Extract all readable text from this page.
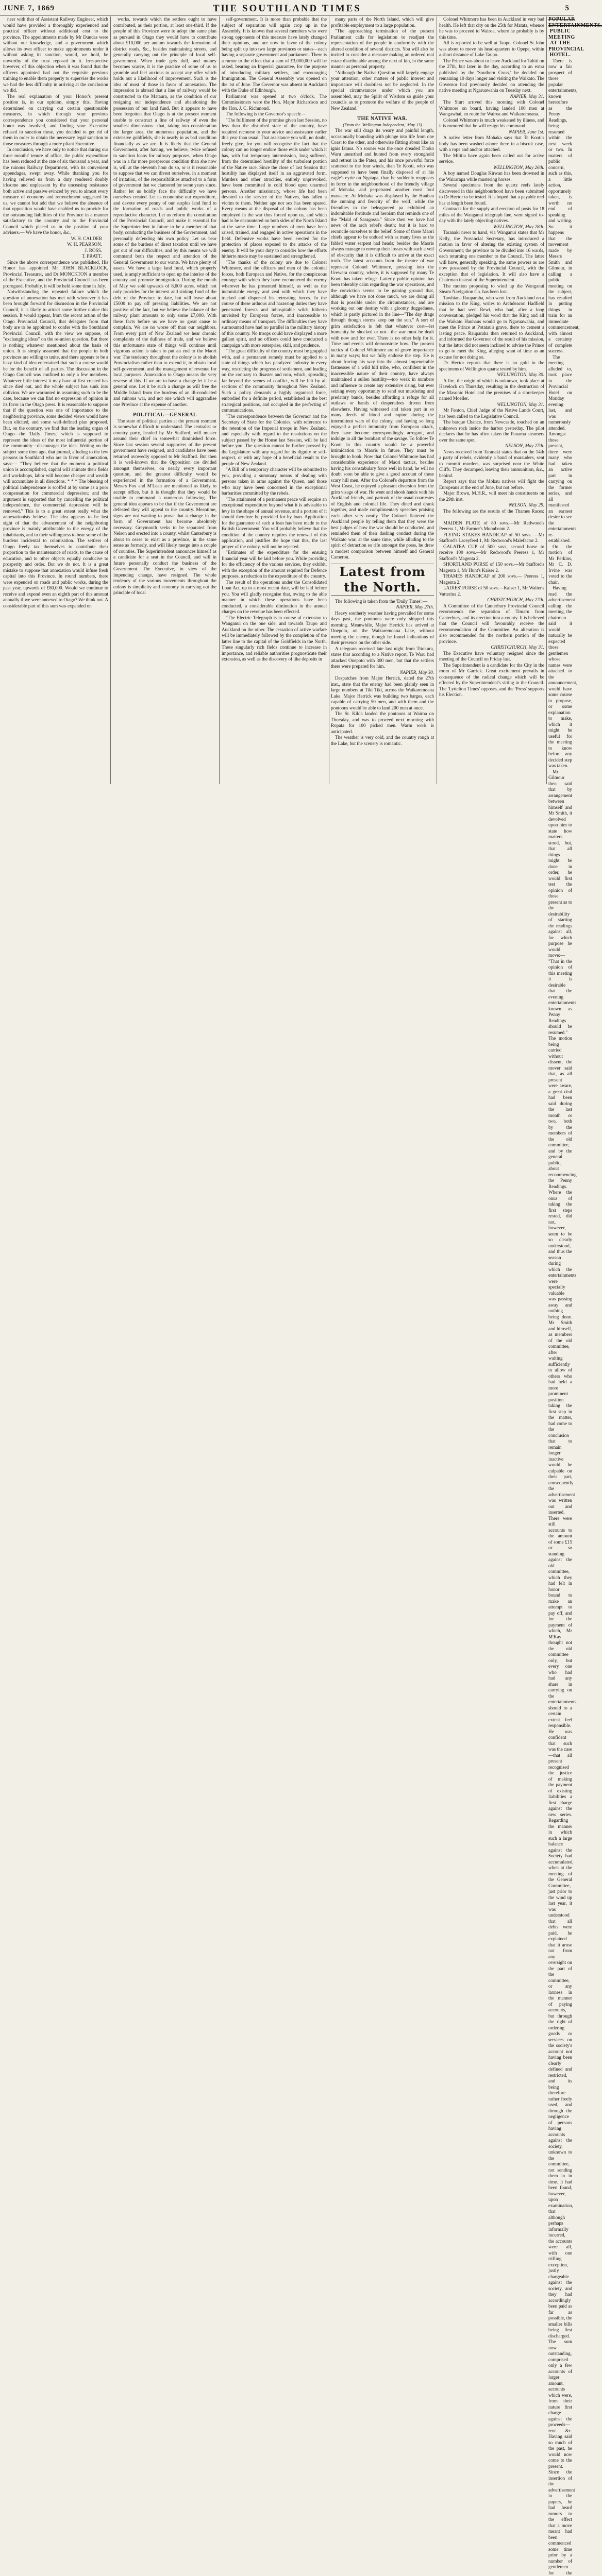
JUNE 7, 1869	THE SOUTHLAND TIMES	5

neer with that of Assistant Railway Engineer, which would have provided a thoroughly experienced and practical officer without additional cost to the province. The appointments made by Mr Dundas were without our knowledge, and a government which allows its own officer to make appointments under it without asking its sanction, would, we hold, be unworthy of the trust reposed in it. Irrespective however, of this objection when it was found that the officers appointed had not the requisite previous training to enable them properly to supervise the works we had the less difficulty in arriving at the conclusion we did.

The real explanation of your Honor's present position is, in our opinion, simply this. Having determined on carrying out certain questionable measures, in which through your previous correspondence you considered that your personal honor was involved, and finding your Executive refused to sanction these, you decided to get rid of them in order to obtain the necessary legal sanction to those measures through a more pliant Executive.

In conclusion, we have only to notice that during our three months' tenure of office, the public expenditure has been reduced at the rate of six thousand a year, and the ruinous Railway Department, with its convenient appendages, swept away. While thanking you for having relieved us from a duty rendered doubly irksome and unpleasant by the unceasing resistance both active and passive evinced by you to almost every measure of economy and retrenchment suggested by us, we cannot but add that we believe the absence of that opposition would have enabled us to provide for the outstanding liabilities of the Province in a manner satisfactory to the country and to the Provincial Council which placed us in the position of your advisers.— We have the honor, &c.,

W. H. CALDER

W. H. PEARSON.

J. ROSS.

T. PRATT.

Since the above correspondence was published, His Honor has appointed Mr JOHN BLACKLOCK, Provincial Treasurer, and Dr MONCKTON a member of the Executive, and the Provincial Council has been prorogued. Probably, it will be held some time in July.

Notwithstanding the repeated failure which the question of annexation has met with whenever it has been brought forward for discussion in the Provincial Council, it is likely to attract some further notice this session. It would appear, from the recent action of the Otago Provincial Council, that delegates from that body are to be appointed to confer with the Southland Provincial Council, with the view we suppose, of "exchanging ideas" on the re-union question. But there is nothing whatever mentioned about the basis of union. It is simply assumed that the people in both provinces are willing to unite, and there appears to be a hazy kind of idea entertained that such a course would be for the benefit of all parties. The discussion in the Otago Council was confined to only a few members. Whatever little interest it may have at first created has since died out, and the whole subject has sunk into oblivion. We are warranted in assuming such to be the case, because we can find no expression of opinion in its favor in the Otago press. It is reasonable to suppose that if the question was one of importance to the neighboring province, some decided views would have been elicited, and some well-defined plan proposed. But, on the contrary, we find that the leading organ of Otago—the 'Daily Times,' which is supposed to represent the ideas of the most influential portion of the community—discourages the idea. Writing on the subject some time ago, that journal, alluding to the few persons in Southland who are in favor of annexation, says:— "They believe that the moment a political union is accomplished, capital will animate their fields and workshops, labor will become cheaper and wealth will accumulate in all directions. * * * The blessing of political independence is scoffed at by some as a poor compensation for commercial depression; and the argument is supported that by cancelling the political independence, the commercial depression will be removed." This is to a great extent really what the annexationists believe. The idea appears to be lost sight of that the advancement of the neighboring province is mainly attributable to the energy of the inhabitants, and to their willingness to bear some of the burdens incidental to colonisation. The settlers of Otago freely tax themselves to contribute their proportion to the maintenance of roads, to the cause of education, and to other objects equally conducive to prosperity and order. But we do not. It is a great mistake to suppose that annexation would infuse fresh capital into this Province. In round numbers, there were expended on roads and public works, during the past year, upwards of £80,000. Would we continue to receive and expend even an eighth part of this amount annually if we were annexed to Otago? We think not. A considerable part of this sum was expended on

works, towards which the settlers ought to have contributed, as their portion, at least one-third. If the people of this Province were to adopt the same plan as pursued in Otago they would have to contribute about £10,000 per annum towards the formation of district roads, &c., besides maintaining streets, and generally carrying out the principle of local self-government. When trade gets dull, and money becomes scarce, it is the practice of some of us to grumble and feel anxious to accept any offer which holds out a likelihood of improvement. Such is the idea of most of those in favor of annexation. The impression is abroad that a line of railway would be constructed to the Mataura, as the condition of our resigning our independence and abandoning the possession of our land fund. But it appears to have been forgotten that Otago is at the present moment unable to construct a line of railway of even the smallest dimensions—that, taking into consideration the larger area, the numerous population, and the extensive goldfields, she is nearly in as bad condition financially as we are. It is likely that the General Government, after having, we believe, twice refused to sanction loans for railway purposes, when Otago was in a far more prosperous condition than she now is, will at the eleventh hour do so, or is it reasonable to suppose that we can divest ourselves, in a moment of irritation, of the responsibilities attached to a form of government that we clamored for some years since. Rather let us boldly face the difficulty we have ourselves created. Let us economise our expenditure, and devote every penny of our surplus land fund to the formation of roads and public works of a reproductive character. Let us reform the constitution of the Provincial Council, and make it essential for the Superintendent in future to be a member of that body, conducting the business of the Government, and personally defending his own policy. Let us bear some of the burdens of direct taxation until we have got out of our difficulties, and by this means we will command both the respect and attention of the General Government to our wants. We have plenty of assets. We have a large land fund, which properly used, is amply sufficient to open up the interior of the country and promote immigration. During the month of May we sold upwards of 8,000 acres, which not only provides for the interest and sinking fund of the debt of the Province to date, but will leave about £5000 to pay off pressing liabilities. We are not positive of the fact, but we believe the balance of the railway plant amounts to only some £7,000. With these facts before us we have no great cause to complain. We are no worse off than our neighbors. From every part of New Zealand we hear chronic complaints of the dullness of trade, and we believe this unfortunate state of things will continue until vigorous action is taken to put an end to the Maori war. The tendency throughout the colony is to abolish Provincialism rather than to extend it, to obtain local self-government, and the management of revenue for local purposes. Annexation to Otago means the very reverse of this. If we are to have a change let it be a general one. Let it be such a change as will free the Middle Island from the burdens of an ill-conducted and ruinous war, and not one which will aggrandise one Province at the expense of another.

POLITICAL—GENERAL

The state of political parties at the present moment is somewhat difficult to understand. The centralist or country party, headed by Mr Stafford, will muster around their chief in somewhat diminished force. Since last session several supporters of the present government have resigned, and candidates have been returned avowedly opposed to Mr Stafford. But then it is well-known that the Opposition are divided amongst themselves, on nearly every important question, and the greatest difficulty would be experienced in the formation of a Government. Messrs Fox and M'Lean are mentioned as likely to accept office, but it is thought that they would be unable to command a numerous following. The general idea appears to be that if the Government are defeated they will appeal to the country. Meantime, signs are not wanting to prove that a change in the form of Government has become absolutely necessary. Greymouth seeks to be separated from Nelson and erected into a county, whilst Canterbury is about to cease to exist as a province, in the same sense as formerly, and will likely merge into a couple of counties. The Superintendent announces himself as a candidate for a seat in the Council, and will in future personally conduct the business of the Government. The Executive, in view of the impending change, have resigned. The whole tendency of the various movements throughout the colony is simplicity and economy in carrying out the principle of local

self-government. It is more than probable that the subject of separation will again crop up in the Assembly. It is known that several members who were strong opponents of this measure have lately changed their opinions, and are now in favor of the colony being split up into two large provinces or states—each having a separate government and parliament. There is a rumor to the effect that a sum of £3,000,000 will be asked, bearing an Imperial guarantee, for the purpose of introducing military settlers, and encouraging Immigration. The General Assembly was opened on the 1st of June. The Governor was absent in Auckland with the Duke of Edinburgh.

Parliament was opened at two o'clock. The Commissioners were the Hon. Major Richardson and the Hon. J. C. Richmond.

The following is the Governor's speech:—

"The fulfilment of the promise given last Session, no less than the disturbed state of the country, have required recourse to your advice and assistance earlier this year than usual. That assistance you will, no doubt, freely give, for you will recognise the fact that the colony can no longer endure those evils under which it has, with but temporary intermission, long suffered, from the determined hostility of the turbulent portion of the Native race. Since the close of last Session that hostility has displayed itself in an aggravated form. Murders and other atrocities, entirely unprovoked, have been committed in cold blood upon unarmed persons. Another missionary, whose life had been devoted to the service of the Natives, has fallen a victim to them. Neither age nor sex has been spared. Every means at the disposal of the colony has been employed in the war thus forced upon us, and which had to be encountered on both sides of the North Island at the same time. Large numbers of men have been raised, trained, and engaged in active operations in the field. Defensive works have been erected for the protection of places exposed to the attacks of the enemy. It will be your duty to consider how the efforts hitherto made may be sustained and strengthened.

"The thanks of the colony are due to Colonel Whitmore, and the officers and men of the colonial forces, both European and Native, for the conspicuous courage with which they have encountered the enemy wherever he has presented himself, as well as the indomitable energy and zeal with which they have tracked and dispersed his retreating forces. In the course of these arduous and harassing duties they have penetrated forests and inhospitable wilds hitherto unvisited by European forces, and inaccessible to ordinary means of transport. The difficulties they have surmounted have had no parallel in the military history of this country. No troops could have displayed a more gallant spirit, and no officers could have conducted a campaign with more enterprise, skill, and prudence.

"The great difficulty of the country must be grappled with, and a permanent remedy must be applied to a state of things which has paralyzed industry in every way, restricting the progress of settlement, and leading on the contrary to disaster and ruin, which, spreading far beyond the scenes of conflict, will be felt by all sections of the community throughout New Zealand. Such a policy demands a highly organised force, embodied for a definite period, established in the best strategical positions, and occupied in the perfecting of communications.

"The correspondence between the Governor and the Secretary of State for the Colonies, with reference to the retention of the Imperial troops in New Zealand, and especially with regard to the resolutions on the subject passed by the House last Session, will be laid before you. The question cannot be further pressed by the Legislature with any regard for its dignity or self-respect, or with any hope of a beneficial result to the people of New Zealand.

"A Bill of a temporary character will be submitted to you, providing a summary means of dealing with persons taken in arms against the Queen, and those who may have been concerned in the exceptional barbarities committed by the rebels.

"The attainment of a permanent peace will require an exceptional expenditure beyond what it is advisable to levy in the shape of annual revenue, and a portion of it should therefore be provided for by loan. Application for the guarantee of such a loan has been made to the British Government. You will probably believe that the condition of the country requires the renewal of this application, and justifies the hope that this, the last prayer of the colony, will not be rejected.

"Estimates of the expenditure for the ensuing financial year will be laid before you. While providing for the efficiency of the various services, they exhibit, with the exception of the amount required for Defence purposes, a reduction in the expenditure of the country.

The result of the operations under the Consolidated Loan Act, up to a most recent date, will be laid before you. You will gladly recognise that, owing to the able manner in which these operations have been conducted, a considerable diminution in the annual charges on the revenue has been effected.

"The Electric Telegraph is in course of extension to Wanganui on the one side, and towards Taupo and Auckland on the other. The cessation of active warfare will be immediately followed by the completion of the latter line to the capital of the Goldfields in the North. These singularly rich fields continue to increase in importance, and reliable authorities prognosticate their extension, as well as the discovery of like deposits in

many parts of the North Island, which will give profitable employment to a large population.

"The approaching termination of the present Parliament calls for legislation to readjust the representation of the people in conformity with the altered condition of several districts. You will also be invited to consider a measure making an ordered real estate distributable among the next of kin, in the same manner as personal property.

"Although the Native Question will largely engage your attention, other matters of public interest and importance will doubtless not be neglected. In the special circumstances under which you are assembled, may the Spirit of Wisdom so guide your councils as to promote the welfare of the people of New Zealand."

THE NATIVE WAR.

(From the 'Wellington Independent,' May 13)

The war still drags its weary and painful length, occasionally bounding with plunge into life from one Coast to the other, and otherwise flitting about like an ignis fatuus. No sooner was the once dreaded Titoko Waru unearthed and hunted from every stronghold and retreat in the Patea, and his once powerful force scattered to the four winds, than Te Kooti, who was supposed to have been finally disposed of at his eagle's eyrie on Ngatapa, than he suddenly reappears in force in the neighbourhood of the friendly village of Mohaka, and perpetrated another most foul massacre. At Mohaka was displayed by the Hauhau the cunning and ferocity of the wolf, while the friendlies in the beleaguered pa exhibited an indomitable fortitude and heroism that reminds one of the "Maid of Saragossa." Since then we have had news of the arch rebel's death; but it is hard to reconcile ourselves to the belief. Some of those Maori chiefs appear to be endued with as many lives as the fabled water serpent had heads; besides the Maoris always manage to enwrap their losses with such a veil of obscurity that it is difficult to arrive at the exact truth. The latest accounts from the theatre of war represent Colonel Whitmore, pressing into the Urewera country, where, it is supposed by many Te Kooti has taken refuge. Latterly public opinion has been tolerably calm regarding the war operations, and the conviction seems to be gaining ground that, although we have not done much, we are doing all that is possible under the circumstances, and are working out our destiny with a gloomy doggedness, which is partly pictured in the line—"The day drags through though storms keep out the sun." A sort of grim satisfaction is felt that whatever cost—let humanity be shocked or not—the war must be dealt with now and for ever. There is no other help for it. Time and events will demonstrate how. The present tactics of Colonel Whitmore are of grave importance in many ways; but we fully endorse the step. He is about forcing his way into the almost impenetrable fastnesses of a wild hill tribe, who, confident in the inaccessible nature of their country, have always maintained a sullen hostility—too weak in numbers and influence to create any extensive rising, but ever seizing every opportunity to send out murdering and predatory bands, besides affording a refuge for all outlaws or bands of desperadoes driven from elsewhere. Having witnessed and taken part in so many deeds of blood and rapine during the intermittent wars of the colony, and having so long enjoyed a perfect immunity from European attack, they have become correspondingly arrogant, and indulge in all the bombast of the savage. To follow Te Kooti in this country would be a powerful intimidation to Maoris in future. They must be brought to book. Now that Colonel Whitmore has had considerable experience of Maori tactics, besides having his constabulary force well in hand, he will no doubt soon be able to give a good account of these scary hill men. After the Colonel's departure from the West Coast, he enjoyed a pleasant diversion from the grim visage of war. He went and shook hands with his Auckland friends, and partook of the usual courtesies of English and colonial life. They dined and drank together, and made complimentary speeches praising each other very neatly. The Colonel flattered the Auckland people by telling them that they were the best judges of how the war should be conducted, and reminded them of their dashing conduct during the Waikato war; at the same time, while alluding to the spirit of detraction so rife amongst the press, he drew a modest comparison between himself and General Cameron.

Latest from the North.

The following is taken from the 'Daily Times':—

NAPIER, May 27th.

Heavy southerly weather having prevailed for some days past, the pontoons were only shipped this morning. Meanwhile, Major Herrick has arrived at Onepoto, on the Waikaremoana Lake, without meeting the enemy, though he found indications of their presence on the other side.

A telegram received late last night from Titokura, states that according to a Native report, Te Waru had attacked Onepoto with 300 men, but that the settlers there were prepared for him.

NAPIER, May 30.

Despatches from Major Herrick, dated the 27th inst., state that the enemy had been plainly seen in large numbers at Tiki Tiki, across the Waikaremoana Lake. Major Herrick was building two barges, each capable of carrying 50 men, and with them and the pontoons would be able to land 200 men at once.

The St. Kilda landed the pontoons at Wairoa on Thursday, and was to proceed next morning with Ropata for 100 picked men. Warm work is anticipated.

The weather is very cold, and the country rough at the Lake, but the scenery is romantic.

Colonel Whitmore has been in Auckland in very bad health. He left that city on the 25th for Matata, whence he was to proceed to Wairoa, where he probably is by this time.

All is reported to be well at Taupo. Colonel St John was about to move his head-quarters to Opepe, within a short distance of Lake Taupo.

The Prince was about to leave Auckland for Tahiti on the 27th, but later in the day, according to an extra published by the 'Southern Cross,' he decided on remaining 10 days longer and visiting the Waikato. The Governor had previously decided on attending the native meeting at Ngaruawahia on Tuesday next.

NAPIER, May 31.

The Sturt arrived this morning with Colonel Whitmore on board, having landed 100 men at Wangawhai, en route for Wairoa and Waikaremoana.

Colonel Whitmore is much weakened by illness, and it is rumored that he will resign his command.

NAPIER, June 1st.

A native letter from Mohaka says that Te Kooti's body has been washed ashore there in a biscuit case, with a rope and anchor attached.

The Militia have again been called out for active service.

WELLINGTON, May 26th.

A boy named Douglas Kirwan has been drowned in the Wairarapa while mustering horses.

Several specimens from the quartz reefs lately discovered in this neighbourhood have been submitted to Dr Hector to be tested. It is hoped that a payable reef has at length been found.

Contracts for the supply and erection of posts for 18 miles of the Wanganui telegraph line, were signed to-day with the lately objecting natives.

WELLINGTON, May 28th.

Taranaki news to hand, via Wanganui states that Mr Kelly, the Provincial Secretary, has introduced a motion in favor of altering the existing system of Government; the province to be divided into 16 wards, each returning one member to the Council. The latter will have, generally speaking, the same powers as are now possessed by the Provincial Council, with the exception that of legislation. It will also have a Chairman instead of the Superintendent.

The motion proposing to wind up the Wanganui Steam Navigation Co. has been lost.

Tawhiana Rauparaha, who went from Auckland on a mission to the King, writes to Archdeacon Hadfield that he had seen Rewi, who had, after a long conversation, pledged his word that the King and all the Waikato Hauhaus would go to Ngaruawahia, and meet the Prince at Potatau's grave, there to cement a lasting peace. Rauparaha then returned to Auckland, and informed the Governor of the result of his mission, but the latter did not seem inclined to advise the Prince to go to meet the King, alleging want of time as an excuse for not doing so.

Dr Hector reports that there is no gold in the specimens of Wellington quartz tested by him.

WELLINGTON, May 30.

A fire, the origin of which is unknown, took place at Havelock on Thursday, resulting in the destruction of the Masonic Hotel and the premises of a storekeeper named Moeller.

WELLINGTON, May 31.

Mr Fenton, Chief Judge of the Native Lands Court, has been called to the Legislative Council.

The barque Chance, from Newcastle, touched on an unknown rock inside the harbor yesterday. The pilot declares that he has often taken the Panama steamers over the same spot.

NELSON, May 27th.

News received from Taranaki states that on the 14th a party of rebels, evidently a band of marauders, sent to commit murders, was surprised near the White Cliffs. They decamped, leaving their ammunition, &c., behind.

Report says that the Mokau natives will fight the Europeans at the end of June, but not before.

Major Brown, M.H.R., will meet his constituents on the 29th inst.

NELSON, May 29.

The following are the results of the Thames Races:—

MAIDEN PLATE of 80 sovs.—Mr Redwood's Peeress 1, Mr Farmer's Moonbeam 2.

FLYING STAKES HANDICAP of 50 sovs. —Mr Stafford's Laceyfeed 1, Mr Redwood's Malefactor 2.

GALATEA CUP of 500 sovs, second horse to receive 100 sovs.—Mr Redwood's Peeress 1, Mr Stafford's Magenta 2.

SHORTLAND PURSE of 150 sovs.—Mr Stafford's Magenta 1, Mr Hunt's Kaiser 2.

THAMES HANDICAP of 200 sovs.— Peeress 1, Magenta 2.

LADIES' PURSE of 50 sovs.—Kaiser 1, Mr Walter's Vatterina 2.

CHRISTCHURCH, May 27th.

A Committee of the Canterbury Provincial Council recommends the separation of Timaru from Canterbury, and its erection into a county. It is believed that the Council will favourably receive the recommendation of the Committee. An alteration is also recommended for the northern portion of the province.

CHRISTCHURCH, May 31.

The Executive have voluntary resigned since the meeting of the Council on Friday last.

The Superintendent is a candidate for the City in the room of Mr Garrick. Great excitement prevails in consequence of the radical change which will be effected by the Superintendent's sitting in the Council. The 'Lyttelton Times' opposes, and the 'Press' supports his Election.

POPULAR ENTERTAINMENTS.

PUBLIC MEETING AT THE PROVINCIAL HOTEL.

There is now a fair prospect of those popular entertainments, known heretofore as the Penny Readings, being resumed within the next week or two. In matters of public concern, such as this, a little action, opportunely taken, is worth no end of speaking and writing. So it happens that the movement made by Messrs Smith and Gilmour, in calling a public meeting on the subject, has resulted in putting things in train for an immediate commencement, with almost a certainty of complete success.

The meeting alluded to, took place in the Provincial Hotel on Monday evening last, and was numerously attended. Amongst those present, there were many who had taken an active part in carrying on the former series, and all manifested an earnest desire to see the entertainments re-established.

On the motion of Mr Perkins, Mr C. D. Irvine was voted to the chair.

Having read the advertisement calling the meeting, the chairman said it would naturally be expected those gentlemen whose names were attached to the announcement, would have some course to propose, or some explanation to make, which it might be useful for the meeting to know before any decided step was taken.

Mr Gilmour then said that by arrangement between himself and Mr Smith, it devolved upon him to state how matters stood, but, that all things might be done in order, he would first test the opinion of those present as to the desirability of starting the readings against all, for which purpose he would move:— "That in the opinion of this meeting it is desirable that the evening entertainments known as Penny Readings should be resumed." The motion being carried without dissent, the mover said that, as all present were aware, a great deal had been said during the last month or two, both by the members of the old committee, and by the general public, about recommencing the Penny Readings. Where the onus of taking the first steps rested, did not, however, seem to be so clearly understood, and thus the season during which the entertainments were specially valuable was passing away and nothing being done. Mr Smith and himself, as members of the old committee, after waiting sufficiently to allow of others who had held a more prominent position taking the first step in the matter, had come to the conclusion that to remain longer inactive would be culpable on their part, consequently the advertisement was written out and inserted. There were still accounts to the amount of some £15 or so standing against the old committee, which they had felt in honor bound to make an attempt to pay off, and for the payment of which, Mr M'Kay thought not the old committee only, but every one who had had any share in carrying on the entertainments, should to a certain extent feel responsible. He was confident that such was the case—that all present recognised the justice of making the payment of existing liabilities a first charge against the new series. Regarding the manner in which such a large balance against the Society had accumulated, when at the meeting of the General Committee, just prior to the wind up last year, it was understood that all debts were paid, he explained that it arose not from any oversight on the part of the committee, or any laxness in the manner of paying accounts, but through the right of ordering goods or services on the society's account not having been clearly defined and restricted, and its being therefore rather freely used, and through the negligence of persons having accounts against the society, unknown to the committee, not sending them in in time. It had been found, however, upon examination, that although perhaps informally incurred, the accounts were all, with one trifling exception, justly chargeable against the society, and they had accordingly been paid as far as possible, the smaller bills being first discharged. The sum now outstanding, comprised only a few accounts of larger amount, accounts which were, from their nature first charge against the proceeds—rent &c. Having said so much of the past, he would now come to the present. Since the insertion of the advertisement in the papers, he had heard rumors to the effect that a move meant had been commenced some time prior by a number of gentlemen for the
